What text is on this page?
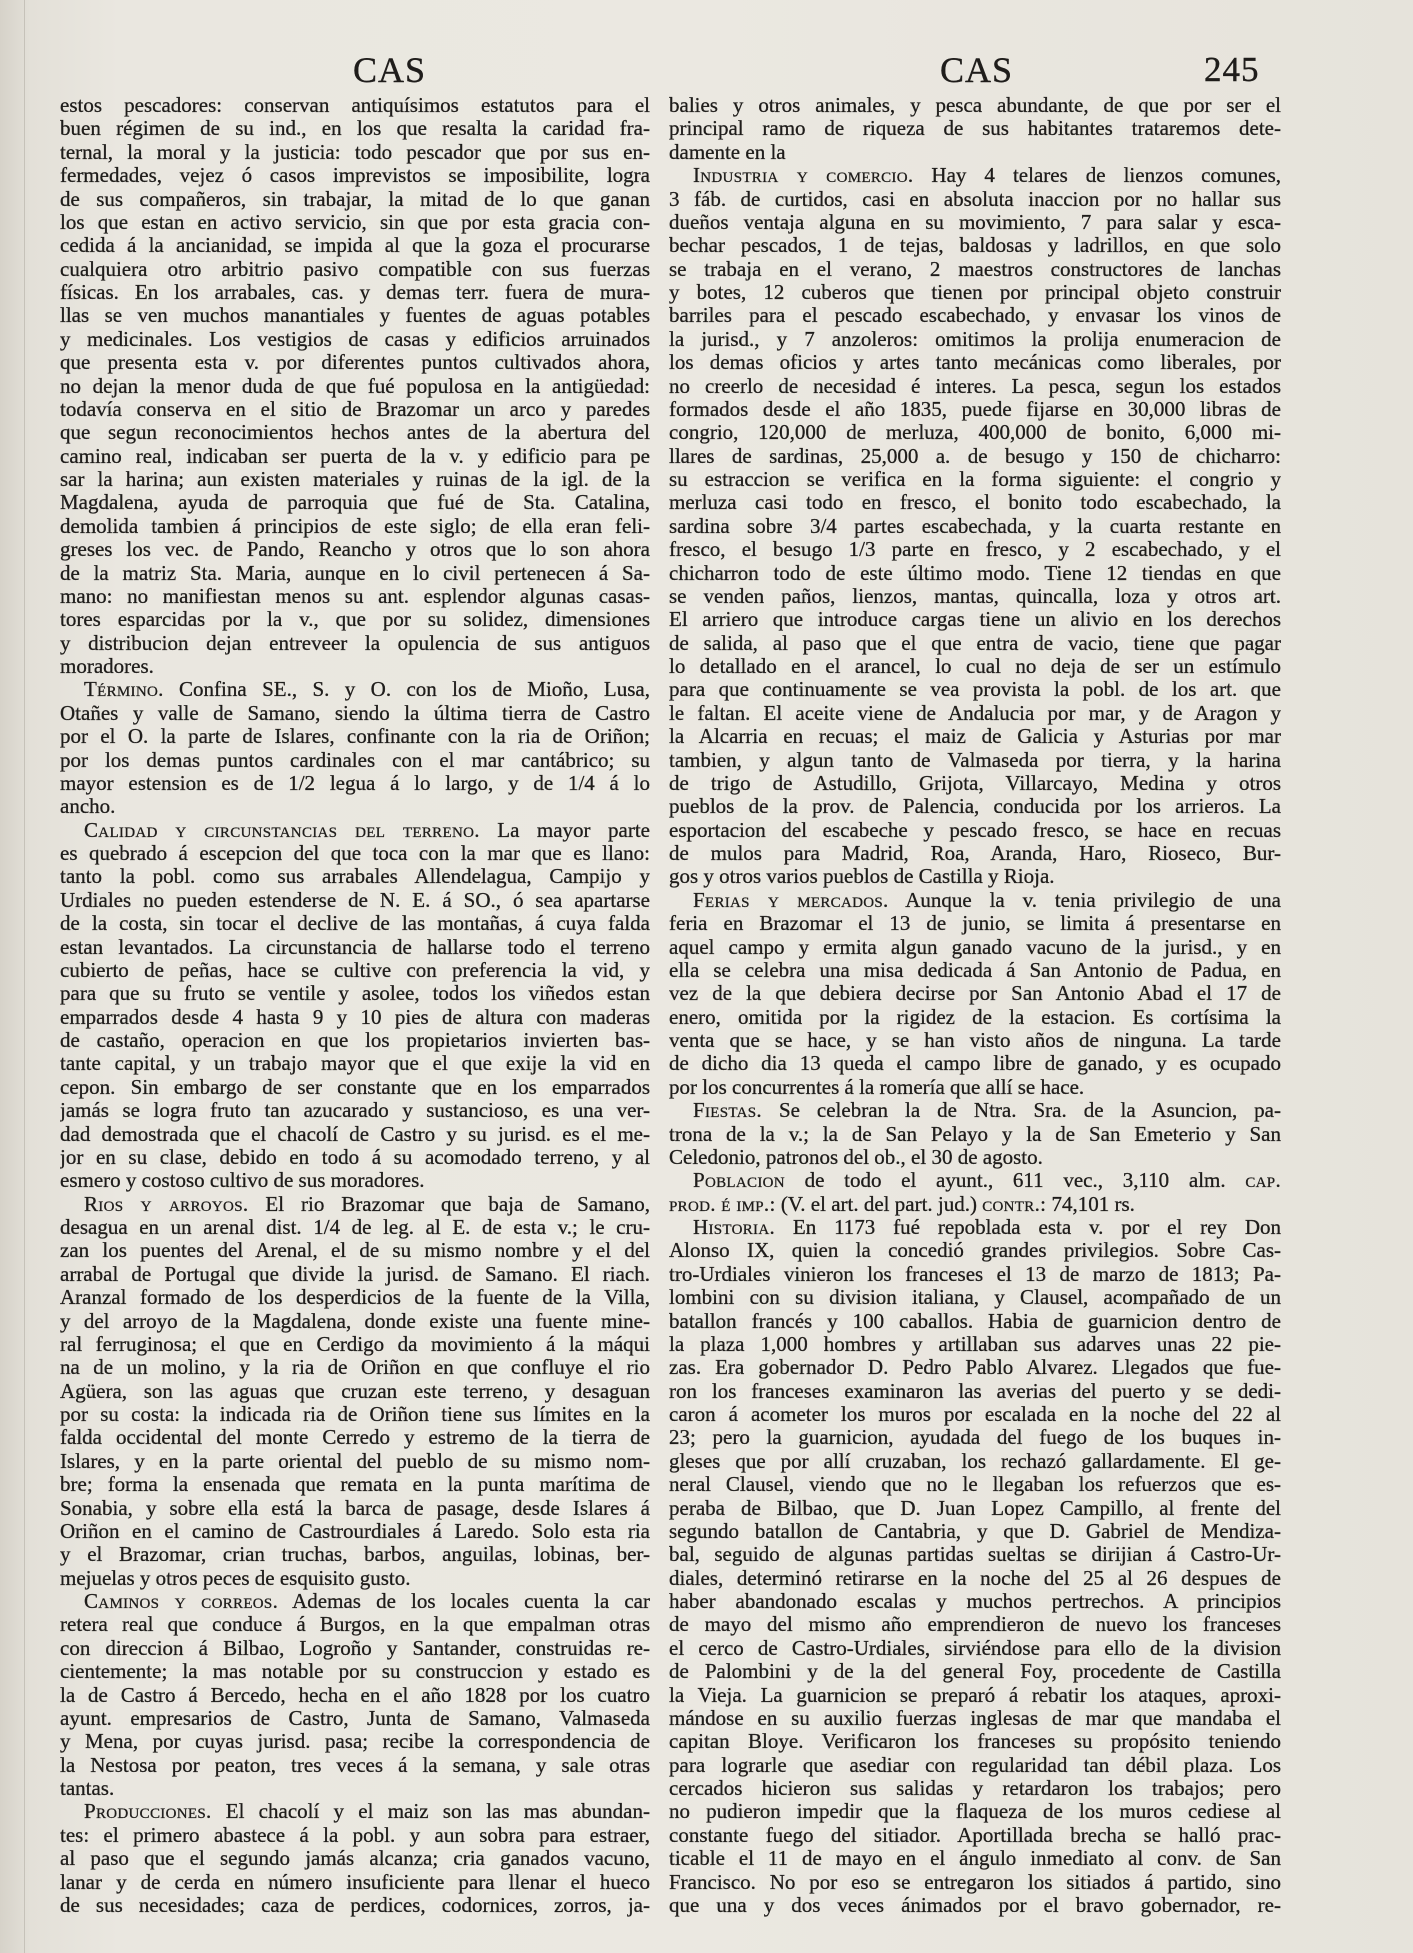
CAS	CAS	245
estos pescadores: conservan antiquísimos estatutos para el
buen régimen de su ind., en los que resalta la caridad fra-
ternal, la moral y la justicia: todo pescador que por sus en-
fermedades, vejez ó casos imprevistos se imposibilite, logra
de sus compañeros, sin trabajar, la mitad de lo que ganan
los que estan en activo servicio, sin que por esta gracia con-
cedida á la ancianidad, se impida al que la goza el procurarse
cualquiera otro arbitrio pasivo compatible con sus fuerzas
físicas. En los arrabales, cas. y demas terr. fuera de mura-
llas se ven muchos manantiales y fuentes de aguas potables
y medicinales. Los vestigios de casas y edificios arruinados
que presenta esta v. por diferentes puntos cultivados ahora,
no dejan la menor duda de que fué populosa en la antigüedad:
todavía conserva en el sitio de Brazomar un arco y paredes
que segun reconocimientos hechos antes de la abertura del
camino real, indicaban ser puerta de la v. y edificio para pe
sar la harina; aun existen materiales y ruinas de la igl. de la
Magdalena, ayuda de parroquia que fué de Sta. Catalina,
demolida tambien á principios de este siglo; de ella eran feli-
greses los vec. de Pando, Reancho y otros que lo son ahora
de la matriz Sta. Maria, aunque en lo civil pertenecen á Sa-
mano: no manifiestan menos su ant. esplendor algunas casas-
tores esparcidas por la v., que por su solidez, dimensiones
y distribucion dejan entreveer la opulencia de sus antiguos
moradores.
Término. Confina SE., S. y O. con los de Mioño, Lusa,
Otañes y valle de Samano, siendo la última tierra de Castro
por el O. la parte de Islares, confinante con la ria de Oriñon;
por los demas puntos cardinales con el mar cantábrico; su
mayor estension es de 1/2 legua á lo largo, y de 1/4 á lo
ancho.
Calidad y circunstancias del terreno. La mayor parte
es quebrado á escepcion del que toca con la mar que es llano:
tanto la pobl. como sus arrabales Allendelagua, Campijo y
Urdiales no pueden estenderse de N. E. á SO., ó sea apartarse
de la costa, sin tocar el declive de las montañas, á cuya falda
estan levantados. La circunstancia de hallarse todo el terreno
cubierto de peñas, hace se cultive con preferencia la vid, y
para que su fruto se ventile y asolee, todos los viñedos estan
emparrados desde 4 hasta 9 y 10 pies de altura con maderas
de castaño, operacion en que los propietarios invierten bas-
tante capital, y un trabajo mayor que el que exije la vid en
cepon. Sin embargo de ser constante que en los emparrados
jamás se logra fruto tan azucarado y sustancioso, es una ver-
dad demostrada que el chacolí de Castro y su jurisd. es el me-
jor en su clase, debido en todo á su acomodado terreno, y al
esmero y costoso cultivo de sus moradores.
Rios y arroyos. El rio Brazomar que baja de Samano,
desagua en un arenal dist. 1/4 de leg. al E. de esta v.; le cru-
zan los puentes del Arenal, el de su mismo nombre y el del
arrabal de Portugal que divide la jurisd. de Samano. El riach.
Aranzal formado de los desperdicios de la fuente de la Villa,
y del arroyo de la Magdalena, donde existe una fuente mine-
ral ferruginosa; el que en Cerdigo da movimiento á la máqui
na de un molino, y la ria de Oriñon en que confluye el rio
Agüera, son las aguas que cruzan este terreno, y desaguan
por su costa: la indicada ria de Oriñon tiene sus límites en la
falda occidental del monte Cerredo y estremo de la tierra de
Islares, y en la parte oriental del pueblo de su mismo nom-
bre; forma la ensenada que remata en la punta marítima de
Sonabia, y sobre ella está la barca de pasage, desde Islares á
Oriñon en el camino de Castrourdiales á Laredo. Solo esta ria
y el Brazomar, crian truchas, barbos, anguilas, lobinas, ber-
mejuelas y otros peces de esquisito gusto.
Caminos y correos. Ademas de los locales cuenta la car
retera real que conduce á Burgos, en la que empalman otras
con direccion á Bilbao, Logroño y Santander, construidas re-
cientemente; la mas notable por su construccion y estado es
la de Castro á Bercedo, hecha en el año 1828 por los cuatro
ayunt. empresarios de Castro, Junta de Samano, Valmaseda
y Mena, por cuyas jurisd. pasa; recibe la correspondencia de
la Nestosa por peaton, tres veces á la semana, y sale otras
tantas.
Producciones. El chacolí y el maiz son las mas abundan-
tes: el primero abastece á la pobl. y aun sobra para estraer,
al paso que el segundo jamás alcanza; cria ganados vacuno,
lanar y de cerda en número insuficiente para llenar el hueco
de sus necesidades; caza de perdices, codornices, zorros, ja-
balies y otros animales, y pesca abundante, de que por ser el
principal ramo de riqueza de sus habitantes trataremos dete-
damente en la
Industria y comercio. Hay 4 telares de lienzos comunes,
3 fáb. de curtidos, casi en absoluta inaccion por no hallar sus
dueños ventaja alguna en su movimiento, 7 para salar y esca-
bechar pescados, 1 de tejas, baldosas y ladrillos, en que solo
se trabaja en el verano, 2 maestros constructores de lanchas
y botes, 12 cuberos que tienen por principal objeto construir
barriles para el pescado escabechado, y envasar los vinos de
la jurisd., y 7 anzoleros: omitimos la prolija enumeracion de
los demas oficios y artes tanto mecánicas como liberales, por
no creerlo de necesidad é interes. La pesca, segun los estados
formados desde el año 1835, puede fijarse en 30,000 libras de
congrio, 120,000 de merluza, 400,000 de bonito, 6,000 mi-
llares de sardinas, 25,000 a. de besugo y 150 de chicharro:
su estraccion se verifica en la forma siguiente: el congrio y
merluza casi todo en fresco, el bonito todo escabechado, la
sardina sobre 3/4 partes escabechada, y la cuarta restante en
fresco, el besugo 1/3 parte en fresco, y 2 escabechado, y el
chicharron todo de este último modo. Tiene 12 tiendas en que
se venden paños, lienzos, mantas, quincalla, loza y otros art.
El arriero que introduce cargas tiene un alivio en los derechos
de salida, al paso que el que entra de vacio, tiene que pagar
lo detallado en el arancel, lo cual no deja de ser un estímulo
para que continuamente se vea provista la pobl. de los art. que
le faltan. El aceite viene de Andalucia por mar, y de Aragon y
la Alcarria en recuas; el maiz de Galicia y Asturias por mar
tambien, y algun tanto de Valmaseda por tierra, y la harina
de trigo de Astudillo, Grijota, Villarcayo, Medina y otros
pueblos de la prov. de Palencia, conducida por los arrieros. La
esportacion del escabeche y pescado fresco, se hace en recuas
de mulos para Madrid, Roa, Aranda, Haro, Rioseco, Bur-
gos y otros varios pueblos de Castilla y Rioja.
Ferias y mercados. Aunque la v. tenia privilegio de una
feria en Brazomar el 13 de junio, se limita á presentarse en
aquel campo y ermita algun ganado vacuno de la jurisd., y en
ella se celebra una misa dedicada á San Antonio de Padua, en
vez de la que debiera decirse por San Antonio Abad el 17 de
enero, omitida por la rigidez de la estacion. Es cortísima la
venta que se hace, y se han visto años de ninguna. La tarde
de dicho dia 13 queda el campo libre de ganado, y es ocupado
por los concurrentes á la romería que allí se hace.
Fiestas. Se celebran la de Ntra. Sra. de la Asuncion, pa-
trona de la v.; la de San Pelayo y la de San Emeterio y San
Celedonio, patronos del ob., el 30 de agosto.
Poblacion de todo el ayunt., 611 vec., 3,110 alm. cap.
prod. é imp.: (V. el art. del part. jud.) contr.: 74,101 rs.
Historia. En 1173 fué repoblada esta v. por el rey Don
Alonso IX, quien la concedió grandes privilegios. Sobre Cas-
tro-Urdiales vinieron los franceses el 13 de marzo de 1813; Pa-
lombini con su division italiana, y Clausel, acompañado de un
batallon francés y 100 caballos. Habia de guarnicion dentro de
la plaza 1,000 hombres y artillaban sus adarves unas 22 pie-
zas. Era gobernador D. Pedro Pablo Alvarez. Llegados que fue-
ron los franceses examinaron las averias del puerto y se dedi-
caron á acometer los muros por escalada en la noche del 22 al
23; pero la guarnicion, ayudada del fuego de los buques in-
gleses que por allí cruzaban, los rechazó gallardamente. El ge-
neral Clausel, viendo que no le llegaban los refuerzos que es-
peraba de Bilbao, que D. Juan Lopez Campillo, al frente del
segundo batallon de Cantabria, y que D. Gabriel de Mendiza-
bal, seguido de algunas partidas sueltas se dirijian á Castro-Ur-
diales, determinó retirarse en la noche del 25 al 26 despues de
haber abandonado escalas y muchos pertrechos. A principios
de mayo del mismo año emprendieron de nuevo los franceses
el cerco de Castro-Urdiales, sirviéndose para ello de la division
de Palombini y de la del general Foy, procedente de Castilla
la Vieja. La guarnicion se preparó á rebatir los ataques, aproxi-
mándose en su auxilio fuerzas inglesas de mar que mandaba el
capitan Bloye. Verificaron los franceses su propósito teniendo
para lograrle que asediar con regularidad tan débil plaza. Los
cercados hicieron sus salidas y retardaron los trabajos; pero
no pudieron impedir que la flaqueza de los muros cediese al
constante fuego del sitiador. Aportillada brecha se halló prac-
ticable el 11 de mayo en el ángulo inmediato al conv. de San
Francisco. No por eso se entregaron los sitiados á partido, sino
que una y dos veces ánimados por el bravo gobernador, re-
